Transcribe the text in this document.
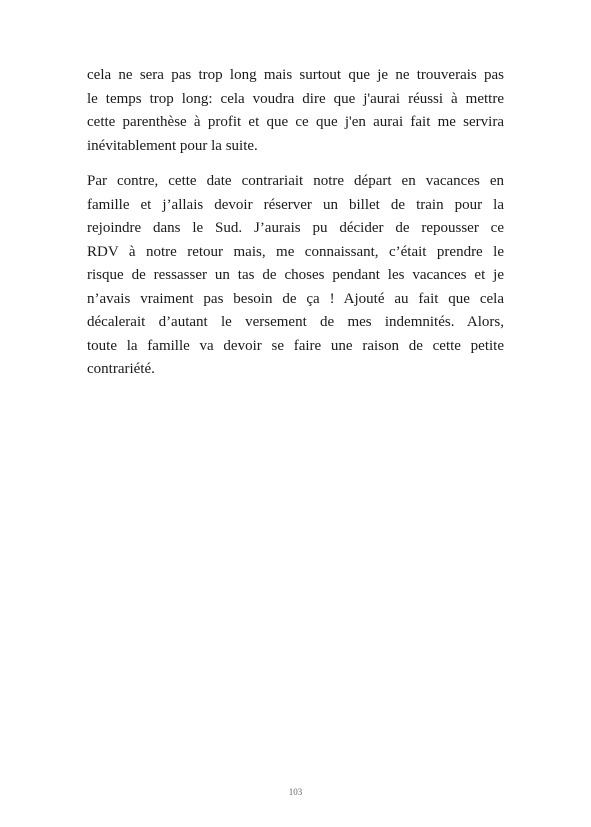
cela ne sera pas trop long mais surtout que je ne trouverais pas
le temps trop long: cela voudra dire que j'aurai réussi à mettre
cette parenthèse à profit et que ce que j'en aurai fait me servira
inévitablement pour la suite.
Par contre, cette date contrariait notre départ en vacances en
famille et j’allais devoir réserver un billet de train pour la
rejoindre dans le Sud. J’aurais pu décider de repousser ce
RDV à notre retour mais, me connaissant, c’était prendre le
risque de ressasser un tas de choses pendant les vacances et je
n’avais vraiment pas besoin de ça ! Ajouté au fait que cela
décalerait d’autant le versement de mes indemnités. Alors,
toute la famille va devoir se faire une raison de cette petite
contrariété.
103
